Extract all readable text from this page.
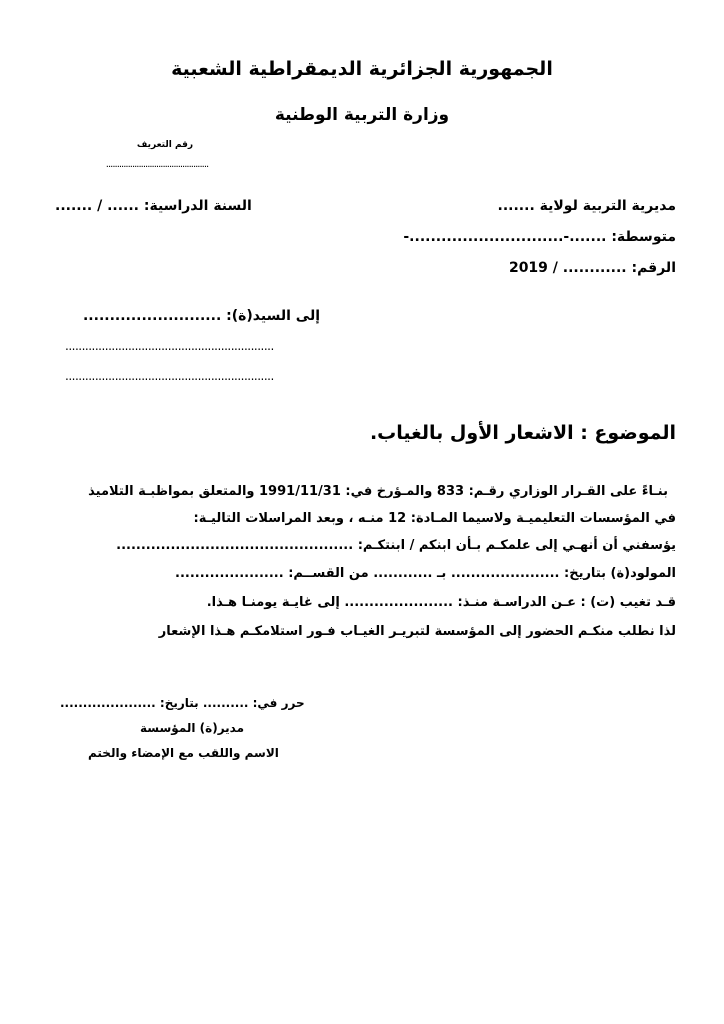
الجمهورية الجزائرية الديمقراطية الشعبية
وزارة التربية الوطنية
رقم التعريف
...............................................
السنة الدراسية: ...... / .......	مديرية التربية لولاية .......
متوسطة: .......-.............................-
الرقم: ............ / 2019
إلى السيد(ة): ..........................
...............................................................
...............................................................
الموضوع : الاشعار الأول بالغياب.
بنـاءً على القـرار الوزاري رقـم: 833 والمـؤرخ في: 1991/11/31 والمتعلق بمواظبـة التلاميذ
في المؤسسات التعليميـة ولاسيما المـادة: 12 منـه ، وبعد المراسلات التاليـة:
يؤسفني أن أنهـي إلى علمكـم بـأن ابنكم / ابنتكـم: ................................................
المولود(ة) بتاريخ: ...................... بـ ............ من القســم: ......................
قـد تغيب (ت) : عـن الدراسـة منـذ: ...................... إلى غايـة يومنـا هـذا.
لذا نطلب منكـم الحضور إلى المؤسسة لتبريـر الغيـاب فـور استلامكـم هـذا الإشعار
حرر في: .......... بتاريخ: .....................
مدير(ة) المؤسسة
الاسم واللقب مع الإمضاء والختم
